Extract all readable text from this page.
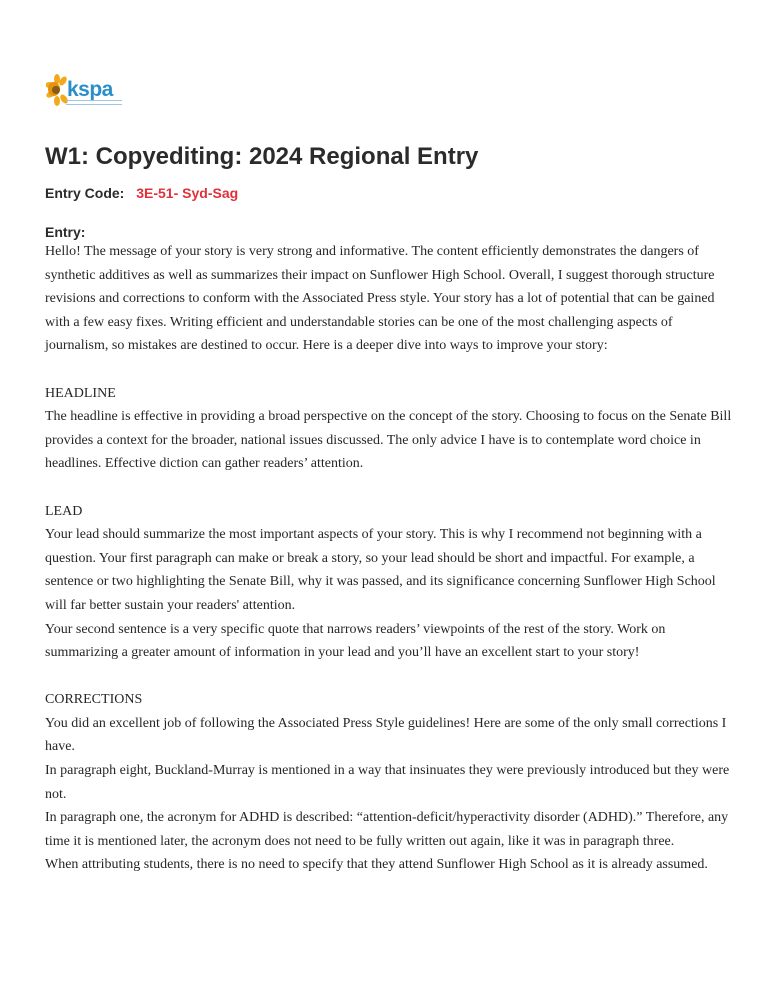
kspa
W1: Copyediting: 2024 Regional Entry
Entry Code: 3E-51- Syd-Sag
Entry:

Hello! The message of your story is very strong and informative. The content efficiently demonstrates the dangers of synthetic additives as well as summarizes their impact on Sunflower High School. Overall, I suggest thorough structure revisions and corrections to conform with the Associated Press style. Your story has a lot of potential that can be gained with a few easy fixes. Writing efficient and understandable stories can be one of the most challenging aspects of journalism, so mistakes are destined to occur. Here is a deeper dive into ways to improve your story:

HEADLINE

The headline is effective in providing a broad perspective on the concept of the story. Choosing to focus on the Senate Bill provides a context for the broader, national issues discussed. The only advice I have is to contemplate word choice in headlines. Effective diction can gather readers’ attention.

LEAD

Your lead should summarize the most important aspects of your story. This is why I recommend not beginning with a question. Your first paragraph can make or break a story, so your lead should be short and impactful. For example, a sentence or two highlighting the Senate Bill, why it was passed, and its significance concerning Sunflower High School will far better sustain your readers' attention.

Your second sentence is a very specific quote that narrows readers’ viewpoints of the rest of the story. Work on summarizing a greater amount of information in your lead and you’ll have an excellent start to your story!

CORRECTIONS

You did an excellent job of following the Associated Press Style guidelines! Here are some of the only small corrections I have.

In paragraph eight, Buckland-Murray is mentioned in a way that insinuates they were previously introduced but they were not.

In paragraph one, the acronym for ADHD is described: “attention-deficit/hyperactivity disorder (ADHD).” Therefore, any time it is mentioned later, the acronym does not need to be fully written out again, like it was in paragraph three.

When attributing students, there is no need to specify that they attend Sunflower High School as it is already assumed.
